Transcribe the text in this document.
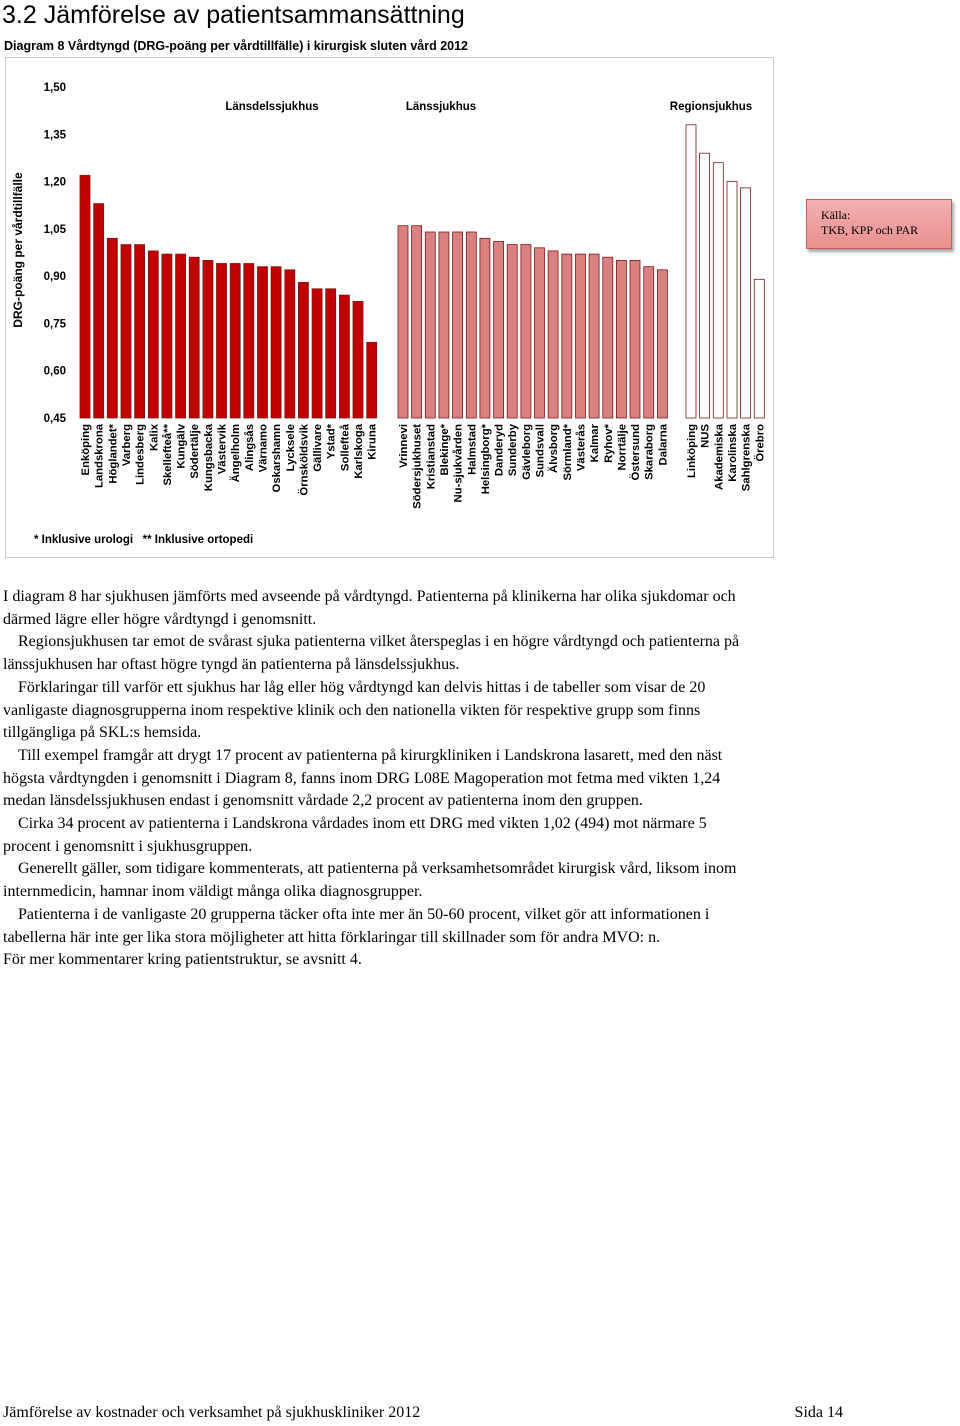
3.2 Jämförelse av patientsammansättning
Diagram 8 Vårdtyngd (DRG-poäng per vårdtillfälle) i kirurgisk sluten vård 2012
DRG-poäng per vårdtillfälle
1,50
1,35
1,20
1,05
0,90
0,75
0,60
0,45
Enköping Landskrona Höglandet* Varberg Lindesberg Kalix Skellefteå** Kungälv Södertälje Kungsbacka Västervik Ängelholm Alingsås Värnamo Oskarshamn Lycksele Örnsköldsvik Gällivare Ystad* Sollefteå Karlskoga Kiruna
Länsdelssjukhus
Vrinnevi Södersjukhuset Kristianstad Blekinge* Nu-sjukvården Halmstad Helsingborg* Danderyd Sunderby Gävleborg Sundsvall Älvsborg Sörmland* Västerås Kalmar Ryhov* Norrtälje Östersund Skaraborg Dalarna
Länssjukhus
Linköping NUS Akademiska Karolinska Sahlgrenska Örebro
Regionsjukhus
* Inklusive urologi   ** Inklusive ortopedi
Källa:
TKB, KPP och PAR

I diagram 8 har sjukhusen jämförts med avseende på vårdtyngd. Patienterna på klinikerna har olika sjukdomar och därmed lägre eller högre vårdtyngd i genomsnitt.

Regionsjukhusen tar emot de svårast sjuka patienterna vilket återspeglas i en högre vårdtyngd och patienterna på länssjukhusen har oftast högre tyngd än patienterna på länsdelssjukhus.

Förklaringar till varför ett sjukhus har låg eller hög vårdtyngd kan delvis hittas i de tabeller som visar de 20 vanligaste diagnosgrupperna inom respektive klinik och den nationella vikten för respektive grupp som finns tillgängliga på SKL:s hemsida.

Till exempel framgår att drygt 17 procent av patienterna på kirurgkliniken i Landskrona lasarett, med den näst högsta vårdtyngden i genomsnitt i Diagram 8, fanns inom DRG L08E Magoperation mot fetma med vikten 1,24 medan länsdelssjukhusen endast i genomsnitt vårdade 2,2 procent av patienterna inom den gruppen.

Cirka 34 procent av patienterna i Landskrona vårdades inom ett DRG med vikten 1,02 (494) mot närmare 5 procent i genomsnitt i sjukhusgruppen.

Generellt gäller, som tidigare kommenterats, att patienterna på verksamhetsområdet kirurgisk vård, liksom inom internmedicin, hamnar inom väldigt många olika diagnosgrupper.

Patienterna i de vanligaste 20 grupperna täcker ofta inte mer än 50-60 procent, vilket gör att informationen i tabellerna här inte ger lika stora möjligheter att hitta förklaringar till skillnader som för andra MVO: n.

För mer kommentarer kring patientstruktur, se avsnitt 4.

Jämförelse av kostnader och verksamhet på sjukhuskliniker 2012	Sida 14
